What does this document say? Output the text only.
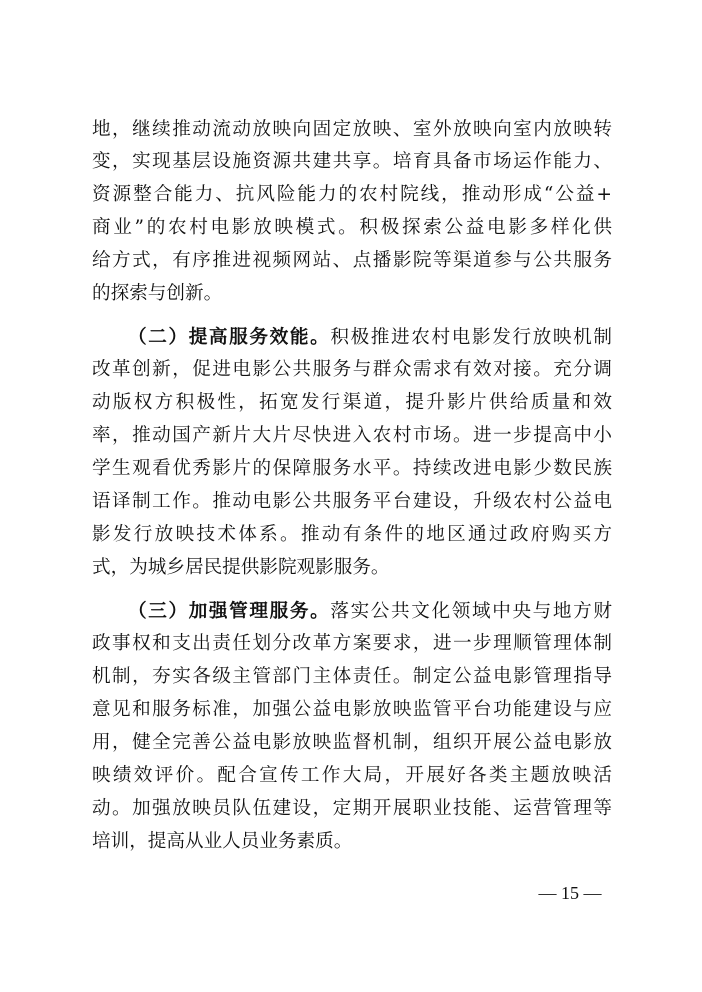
地，继续推动流动放映向固定放映、室外放映向室内放映转
变，实现基层设施资源共建共享。培育具备市场运作能力、
资源整合能力、抗风险能力的农村院线，推动形成“公益+
商业”的农村电影放映模式。积极探索公益电影多样化供
给方式，有序推进视频网站、点播影院等渠道参与公共服务
的探索与创新。
（二）提高服务效能。积极推进农村电影发行放映机制
改革创新，促进电影公共服务与群众需求有效对接。充分调
动版权方积极性，拓宽发行渠道，提升影片供给质量和效
率，推动国产新片大片尽快进入农村市场。进一步提高中小
学生观看优秀影片的保障服务水平。持续改进电影少数民族
语译制工作。推动电影公共服务平台建设，升级农村公益电
影发行放映技术体系。推动有条件的地区通过政府购买方
式，为城乡居民提供影院观影服务。
（三）加强管理服务。落实公共文化领域中央与地方财
政事权和支出责任划分改革方案要求，进一步理顺管理体制
机制，夯实各级主管部门主体责任。制定公益电影管理指导
意见和服务标准，加强公益电影放映监管平台功能建设与应
用，健全完善公益电影放映监督机制，组织开展公益电影放
映绩效评价。配合宣传工作大局，开展好各类主题放映活
动。加强放映员队伍建设，定期开展职业技能、运营管理等
培训，提高从业人员业务素质。
— 15 —
